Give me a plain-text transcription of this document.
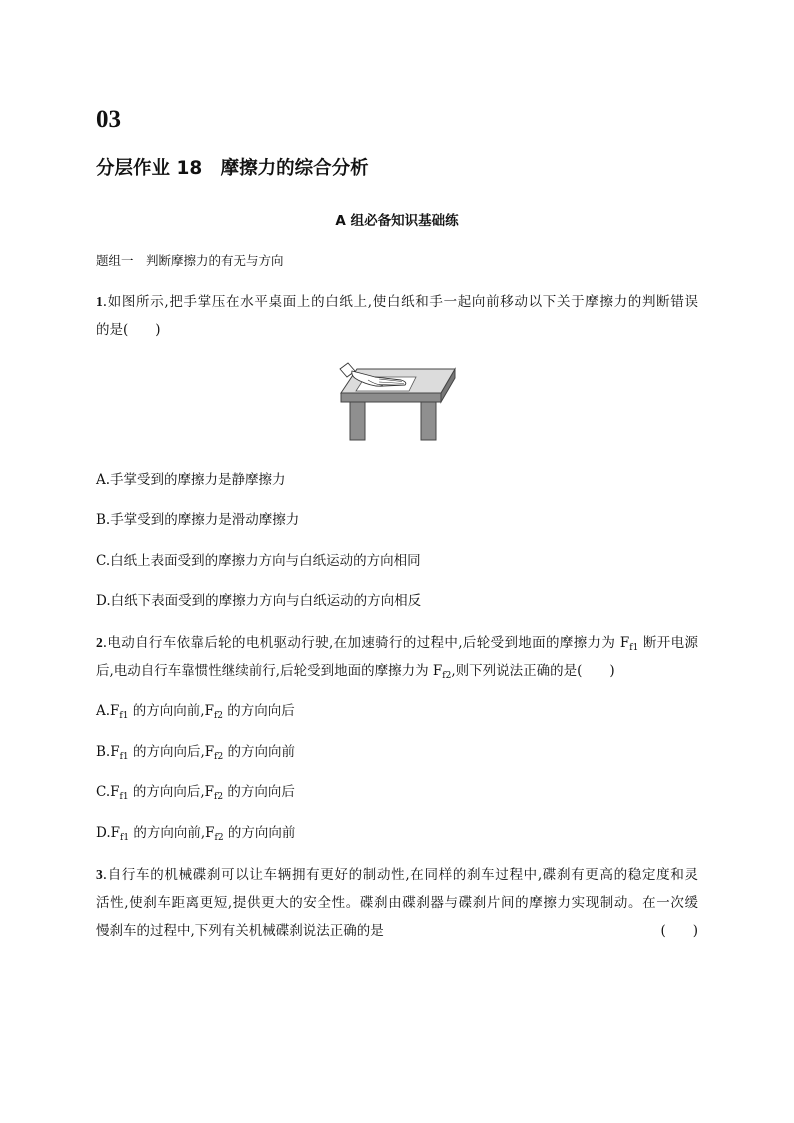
03
分层作业 18　摩擦力的综合分析
A 组必备知识基础练
题组一　判断摩擦力的有无与方向
1.如图所示,把手掌压在水平桌面上的白纸上,使白纸和手一起向前移动以下关于摩擦力的判断错误
的是(　　)
A.手掌受到的摩擦力是静摩擦力
B.手掌受到的摩擦力是滑动摩擦力
C.白纸上表面受到的摩擦力方向与白纸运动的方向相同
D.白纸下表面受到的摩擦力方向与白纸运动的方向相反
2.电动自行车依靠后轮的电机驱动行驶,在加速骑行的过程中,后轮受到地面的摩擦力为 $F_{f1}$ 断开电源
后,电动自行车靠惯性继续前行,后轮受到地面的摩擦力为 $F_{f2}$,则下列说法正确的是(　　)
$A.F_{f1}$ 的方向向前$,F_{f2}$ 的方向向后
$B.F_{f1}$ 的方向向后$,F_{f2}$ 的方向向前
$C.F_{f1}$ 的方向向后$,F_{f2}$ 的方向向后
$D.F_{f1}$ 的方向向前$,F_{f2}$ 的方向向前
3.自行车的机械碟刹可以让车辆拥有更好的制动性,在同样的刹车过程中,碟刹有更高的稳定度和灵
活性,使刹车距离更短,提供更大的安全性。碟刹由碟刹器与碟刹片间的摩擦力实现制动。在一次缓
慢刹车的过程中,下列有关机械碟刹说法正确的是	(　　)
